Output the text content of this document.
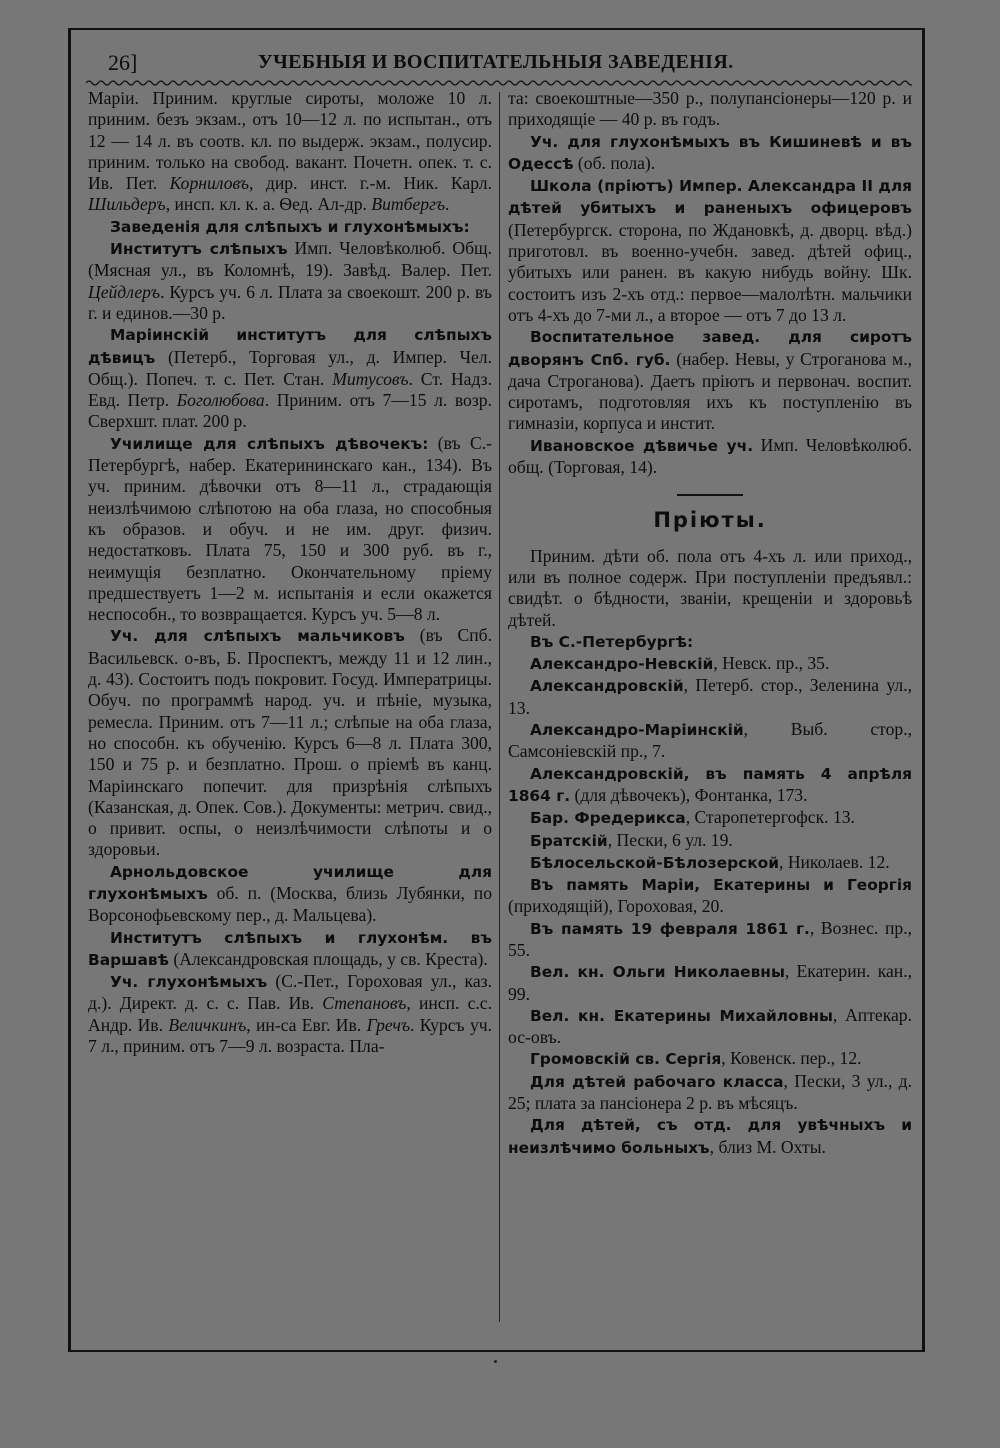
26]	УЧЕБНЫЯ И ВОСПИТАТЕЛЬНЫЯ ЗАВЕДЕНІЯ.

Маріи. Приним. круглые сироты, моложе 10 л. приним. безъ экзам., отъ 10—12 л. по испытан., отъ 12 — 14 л. въ соотв. кл. по выдерж. экзам., полусир. приним. только на свобод. вакант. Почетн. опек. т. с. Ив. Пет. Корниловъ, дир. инст. г.-м. Ник. Карл. Шильдеръ, инсп. кл. к. а. Ѳед. Ал-др. Витбергъ.

Заведенія для слѣпыхъ и глухонѣмыхъ:

Институтъ слѣпыхъ Имп. Человѣколюб. Общ. (Мясная ул., въ Коломнѣ, 19). Завѣд. Валер. Пет. Цейдлеръ. Курсъ уч. 6 л. Плата за своекошт. 200 р. въ г. и единов.—30 р.

Маріинскій институтъ для слѣпыхъ дѣвицъ (Петерб., Торговая ул., д. Импер. Чел. Общ.). Попеч. т. с. Пет. Стан. Митусовъ. Ст. Надз. Евд. Петр. Боголюбова. Приним. отъ 7—15 л. возр. Сверхшт. плат. 200 р.

Училище для слѣпыхъ дѣвочекъ: (въ С.-Петербургѣ, набер. Екатерининскаго кан., 134). Въ уч. приним. дѣвочки отъ 8—11 л., страдающія неизлѣчимою слѣпотою на оба глаза, но способныя къ образов. и обуч. и не им. друг. физич. недостатковъ. Плата 75, 150 и 300 руб. въ г., неимущія безплатно. Окончательному пріему предшествуетъ 1—2 м. испытанія и если окажется неспособн., то возвращается. Курсъ уч. 5—8 л.

Уч. для слѣпыхъ мальчиковъ (въ Спб. Васильевск. о-въ, Б. Проспектъ, между 11 и 12 лин., д. 43). Состоитъ подъ покровит. Госуд. Императрицы. Обуч. по программѣ народ. уч. и пѣніе, музыка, ремесла. Приним. отъ 7—11 л.; слѣпые на оба глаза, но способн. къ обученію. Курсъ 6—8 л. Плата 300, 150 и 75 р. и безплатно. Прош. о пріемѣ въ канц. Маріинскаго попечит. для призрѣнія слѣпыхъ (Казанская, д. Опек. Сов.). Документы: метрич. свид., о привит. оспы, о неизлѣчимости слѣпоты и о здоровьи.

Арнольдовское училище для глухонѣмыхъ об. п. (Москва, близь Лубянки, по Ворсонофьевскому пер., д. Мальцева).

Институтъ слѣпыхъ и глухонѣм. въ Варшавѣ (Александровская площадь, у св. Креста).

Уч. глухонѣмыхъ (С.-Пет., Гороховая ул., каз. д.). Директ. д. с. с. Пав. Ив. Степановъ, инсп. с.с. Андр. Ив. Величкинъ, ин-са Евг. Ив. Гречъ. Курсъ уч. 7 л., приним. отъ 7—9 л. возраста. Пла-

та: своекоштные—350 р., полупансіонеры—120 р. и приходящіе — 40 р. въ годъ.

Уч. для глухонѣмыхъ въ Кишиневѣ и въ Одессѣ (об. пола).

Школа (пріютъ) Импер. Александра II для дѣтей убитыхъ и раненыхъ офицеровъ (Петербургск. сторона, по Ждановкѣ, д. дворц. вѣд.) приготовл. въ военно-учебн. завед. дѣтей офиц., убитыхъ или ранен. въ какую нибудь войну. Шк. состоитъ изъ 2-хъ отд.: первое—малолѣтн. мальчики отъ 4-хъ до 7-ми л., а второе — отъ 7 до 13 л.

Воспитательное завед. для сиротъ дворянъ Спб. губ. (набер. Невы, у Строганова м., дача Строганова). Даетъ пріютъ и первонач. воспит. сиротамъ, подготовляя ихъ къ поступленію въ гимназіи, корпуса и инстит.

Ивановское дѣвичье уч. Имп. Человѣколюб. общ. (Торговая, 14).

Пріюты.

Приним. дѣти об. пола отъ 4-хъ л. или приход., или въ полное содерж. При поступленіи предъявл.: свидѣт. о бѣдности, званіи, крещеніи и здоровьѣ дѣтей.

Въ С.-Петербургѣ:

Александро-Невскій, Невск. пр., 35.

Александровскій, Петерб. стор., Зеленина ул., 13.

Александро-Маріинскій, Выб. стор., Самсоніевскій пр., 7.

Александровскій, въ память 4 апрѣля 1864 г. (для дѣвочекъ), Фонтанка, 173.

Бар. Фредерикса, Старопетергофск. 13.

Братскій, Пески, 6 ул. 19.

Бѣлосельской-Бѣлозерской, Николаев. 12.

Въ память Маріи, Екатерины и Георгія (приходящій), Гороховая, 20.

Въ память 19 февраля 1861 г., Вознес. пр., 55.

Вел. кн. Ольги Николаевны, Екатерин. кан., 99.

Вел. кн. Екатерины Михайловны, Аптекар. ос-овъ.

Громовскій св. Сергія, Ковенск. пер., 12.

Для дѣтей рабочаго класса, Пески, 3 ул., д. 25; плата за пансіонера 2 р. въ мѣсяцъ.

Для дѣтей, съ отд. для увѣчныхъ и неизлѣчимо больныхъ, близ М. Охты.
